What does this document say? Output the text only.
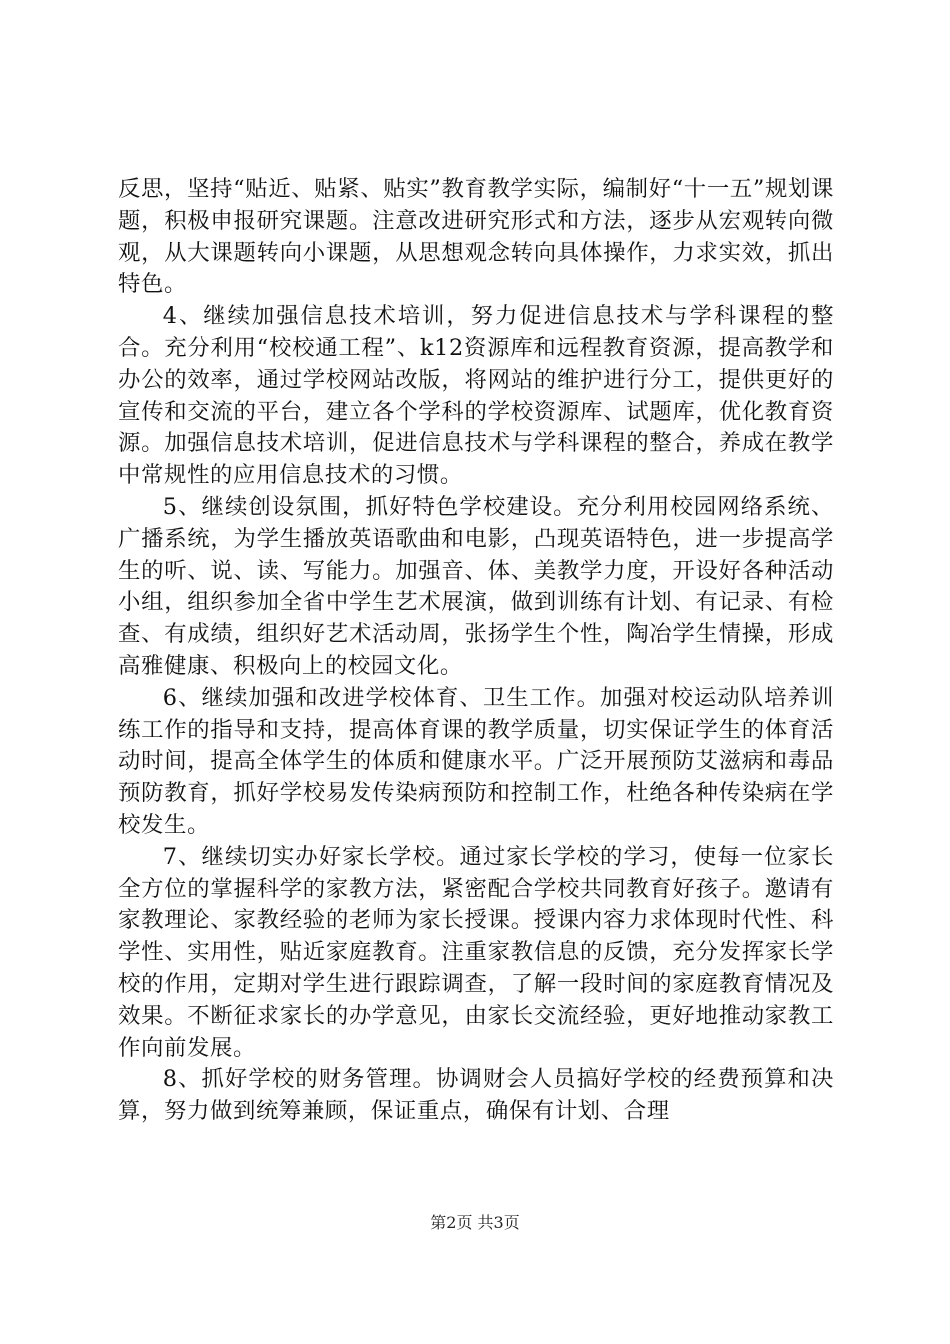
反思，坚持“贴近、贴紧、贴实”教育教学实际，编制好“十一五”规划课题，积极申报研究课题。注意改进研究形式和方法，逐步从宏观转向微观，从大课题转向小课题，从思想观念转向具体操作，力求实效，抓出特色。

4、继续加强信息技术培训，努力促进信息技术与学科课程的整合。充分利用“校校通工程”、k12资源库和远程教育资源，提高教学和办公的效率，通过学校网站改版，将网站的维护进行分工，提供更好的宣传和交流的平台，建立各个学科的学校资源库、试题库，优化教育资源。加强信息技术培训，促进信息技术与学科课程的整合，养成在教学中常规性的应用信息技术的习惯。

5、继续创设氛围，抓好特色学校建设。充分利用校园网络系统、广播系统，为学生播放英语歌曲和电影，凸现英语特色，进一步提高学生的听、说、读、写能力。加强音、体、美教学力度，开设好各种活动小组，组织参加全省中学生艺术展演，做到训练有计划、有记录、有检查、有成绩，组织好艺术活动周，张扬学生个性，陶冶学生情操，形成高雅健康、积极向上的校园文化。

6、继续加强和改进学校体育、卫生工作。加强对校运动队培养训练工作的指导和支持，提高体育课的教学质量，切实保证学生的体育活动时间，提高全体学生的体质和健康水平。广泛开展预防艾滋病和毒品预防教育，抓好学校易发传染病预防和控制工作，杜绝各种传染病在学校发生。

7、继续切实办好家长学校。通过家长学校的学习，使每一位家长全方位的掌握科学的家教方法，紧密配合学校共同教育好孩子。邀请有家教理论、家教经验的老师为家长授课。授课内容力求体现时代性、科学性、实用性，贴近家庭教育。注重家教信息的反馈，充分发挥家长学校的作用，定期对学生进行跟踪调查，了解一段时间的家庭教育情况及效果。不断征求家长的办学意见，由家长交流经验，更好地推动家教工作向前发展。

8、抓好学校的财务管理。协调财会人员搞好学校的经费预算和决算，努力做到统筹兼顾，保证重点，确保有计划、合理

第2页 共3页
